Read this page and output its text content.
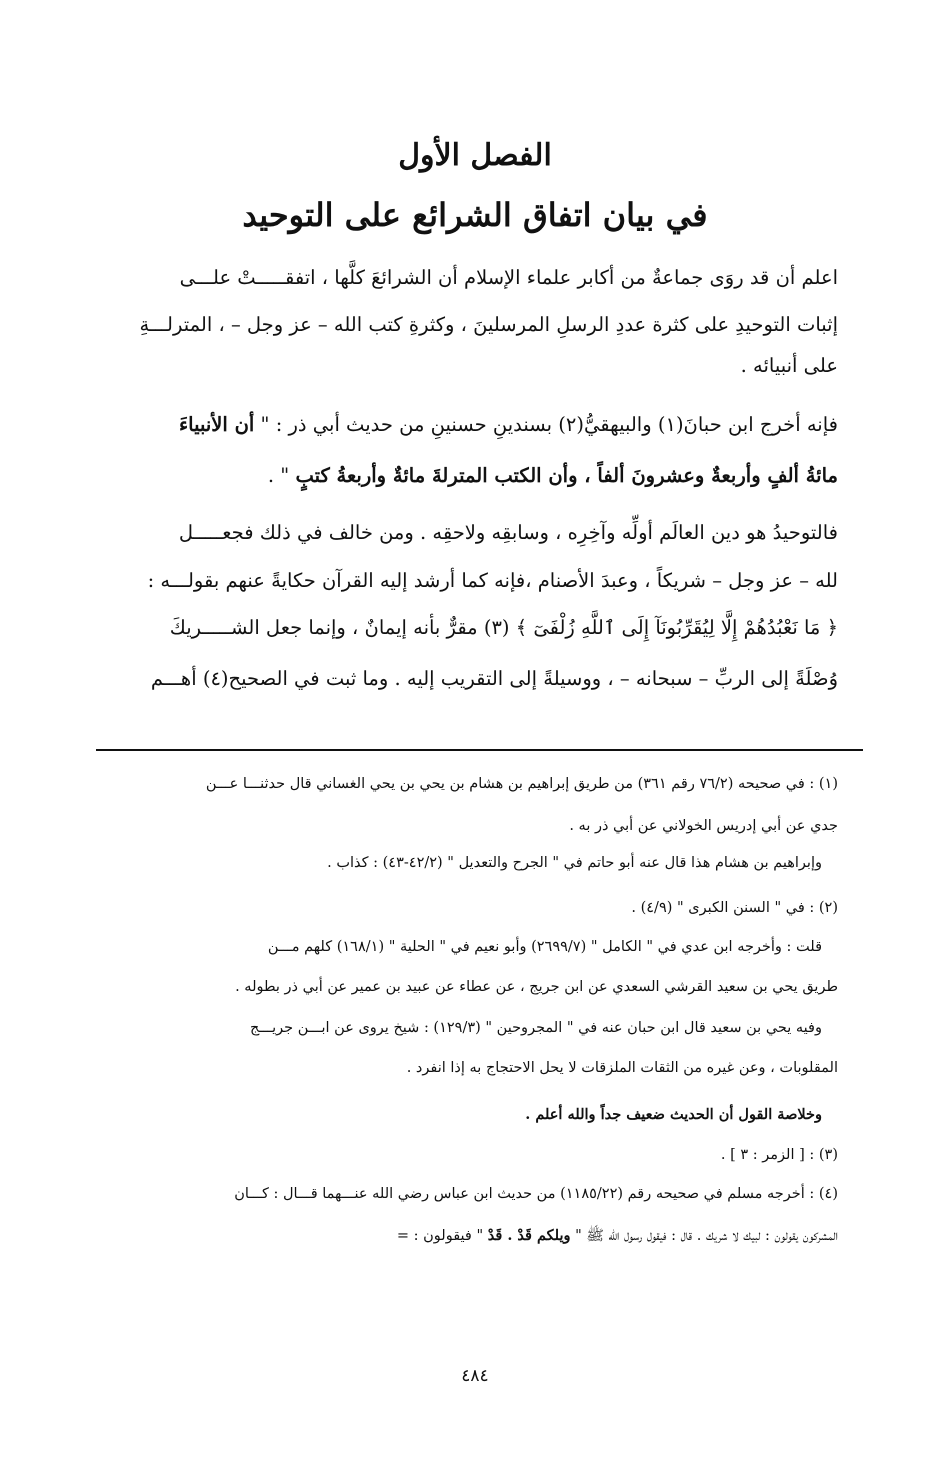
الفصل الأول
في بيان اتفاق الشرائع على التوحيد
اعلم أن قد روَى جماعةٌ من أكابر علماء الإسلام أن الشرائعَ كلَّها ، اتفقـــــتْ علـــى
إثبات التوحيدِ على كثرة عددِ الرسلِ المرسلينَ ، وكثرةِ كتب الله – عز وجل – ، المترلـــةِ
على أنبيائه .
فإنه أخرج ابن حبانَ(١) والبيهقيُّ(٢) بسندينِ حسنينِ من حديث أبي ذر : " أن الأنبياءَ
مائةُ ألفٍ وأربعةٌ وعشرونَ ألفاً ، وأن الكتب المترلةَ مائةٌ وأربعةُ كتبٍ " .
فالتوحيدُ هو دين العالَم أولِّه وآخِرِه ، وسابقِه ولاحقِه . ومن خالف في ذلك فجعـــــل
لله – عز وجل – شريكاً ، وعبدَ الأصنام ،فإنه كما أرشد إليه القرآن حكايةً عنهم بقولـــه :
﴿ مَا نَعْبُدُهُمْ إِلَّا لِيُقَرِّبُونَآ إِلَى ٱللَّهِ زُلْفَىٓ ﴾ (٣) مقرٌّ بأنه إيمانٌ ، وإنما جعل الشـــــريكَ
وُصْلَةً إلى الربِّ – سبحانه – ، ووسيلةً إلى التقريب إليه . وما ثبت في الصحيح(٤) أهـــم
(١) : في صحيحه (٧٦/٢ رقم ٣٦١) من طريق إبراهيم بن هشام بن يحي بن يحي الغساني قال حدثنـــا عـــن
جدي عن أبي إدريس الخولاني عن أبي ذر به .
وإبراهيم بن هشام هذا قال عنه أبو حاتم في " الجرح والتعديل " (٤٢/٢-٤٣) : كذاب .
(٢) : في " السنن الكبرى " (٤/٩) .
قلت : وأخرجه ابن عدي في " الكامل " (٢٦٩٩/٧) وأبو نعيم في " الحلية " (١٦٨/١) كلهم مـــن
طريق يحي بن سعيد القرشي السعدي عن ابن جريج ، عن عطاء عن عبيد بن عمير عن أبي ذر بطوله .
وفيه يحي بن سعيد قال ابن حبان عنه في " المجروحين " (١٢٩/٣) : شيخ يروى عن ابـــن جريـــج
المقلوبات ، وعن غيره من الثقات الملزقات لا يحل الاحتجاج به إذا انفرد .
وخلاصة القول أن الحديث ضعيف جداً والله أعلم .
(٣) : [ الزمر : ٣ ] .
(٤) : أخرجه مسلم في صحيحه رقم (١١٨٥/٢٢) من حديث ابن عباس رضي الله عنـــهما قـــال : كـــان
المشركون يقولون : لبيك لا شريك . قال : فيقول رسول الله ﷺ " ويلكم قَدْ . قَدْ " فيقولون : =
٤٨٤
